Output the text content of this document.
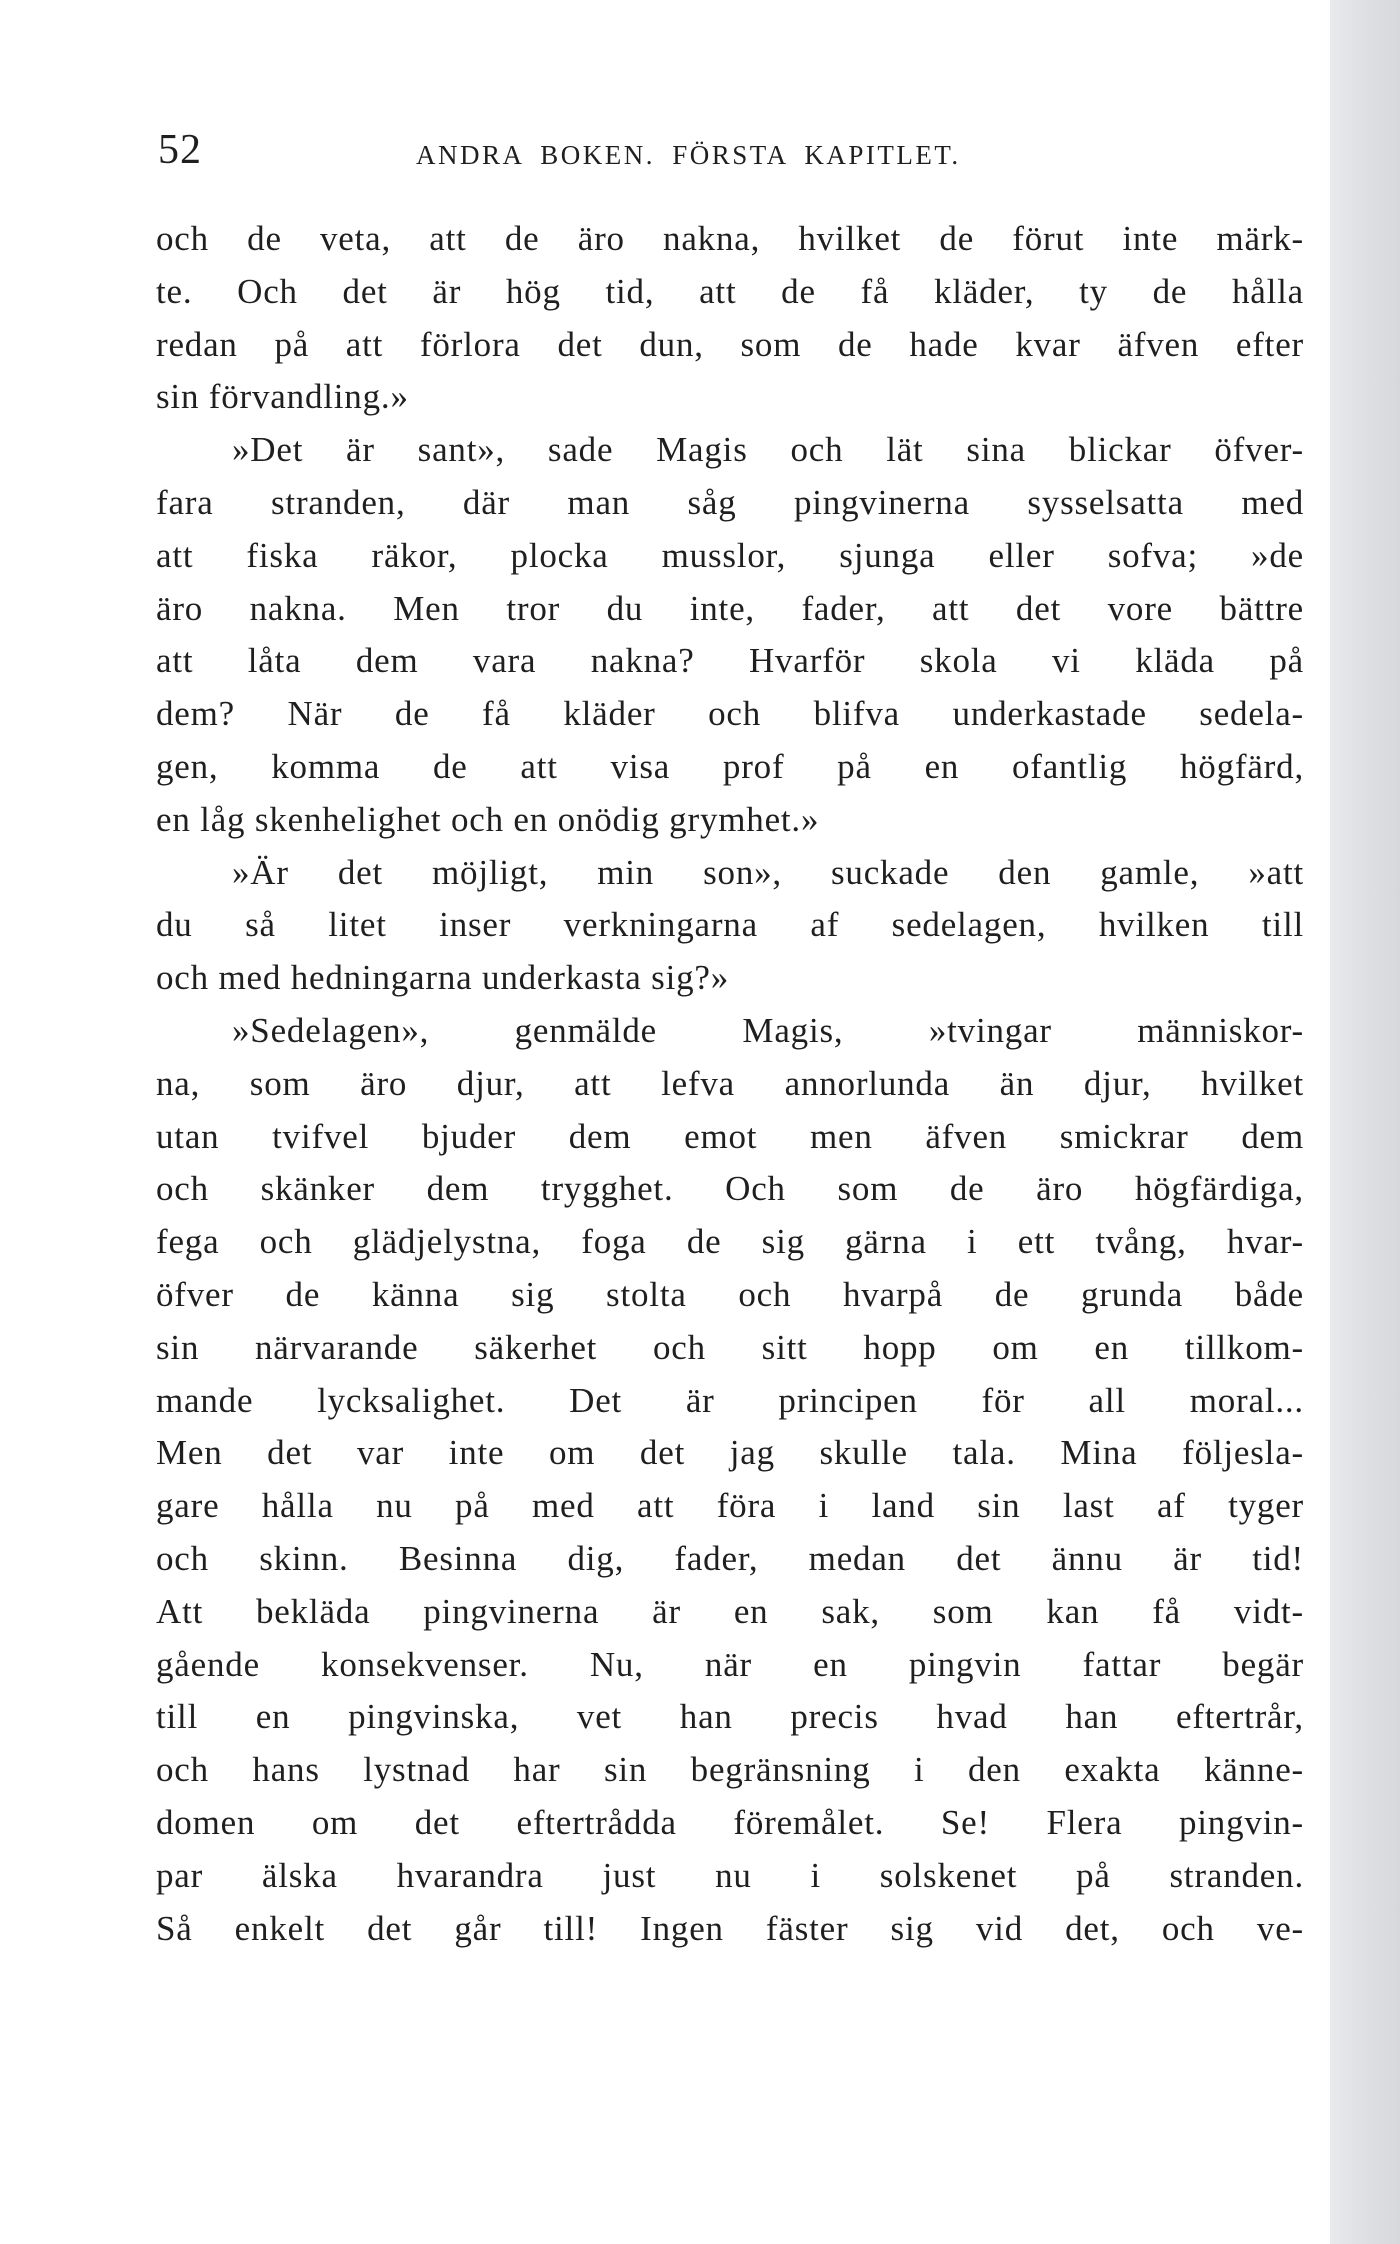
52	ANDRA BOKEN. FÖRSTA KAPITLET.
och de veta, att de äro nakna, hvilket de förut inte märk-
te. Och det är hög tid, att de få kläder, ty de hålla
redan på att förlora det dun, som de hade kvar äfven efter
sin förvandling.»
»Det är sant», sade Magis och lät sina blickar öfver-
fara stranden, där man såg pingvinerna sysselsatta med
att fiska räkor, plocka musslor, sjunga eller sofva; »de
äro nakna. Men tror du inte, fader, att det vore bättre
att låta dem vara nakna? Hvarför skola vi kläda på
dem? När de få kläder och blifva underkastade sedela-
gen, komma de att visa prof på en ofantlig högfärd,
en låg skenhelighet och en onödig grymhet.»
»Är det möjligt, min son», suckade den gamle, »att
du så litet inser verkningarna af sedelagen, hvilken till
och med hedningarna underkasta sig?»
»Sedelagen», genmälde Magis, »tvingar människor-
na, som äro djur, att lefva annorlunda än djur, hvilket
utan tvifvel bjuder dem emot men äfven smickrar dem
och skänker dem trygghet. Och som de äro högfärdiga,
fega och glädjelystna, foga de sig gärna i ett tvång, hvar-
öfver de känna sig stolta och hvarpå de grunda både
sin närvarande säkerhet och sitt hopp om en tillkom-
mande lycksalighet. Det är principen för all moral...
Men det var inte om det jag skulle tala. Mina följesla-
gare hålla nu på med att föra i land sin last af tyger
och skinn. Besinna dig, fader, medan det ännu är tid!
Att bekläda pingvinerna är en sak, som kan få vidt-
gående konsekvenser. Nu, när en pingvin fattar begär
till en pingvinska, vet han precis hvad han eftertrår,
och hans lystnad har sin begränsning i den exakta känne-
domen om det eftertrådda föremålet. Se! Flera pingvin-
par älska hvarandra just nu i solskenet på stranden.
Så enkelt det går till! Ingen fäster sig vid det, och ve-
